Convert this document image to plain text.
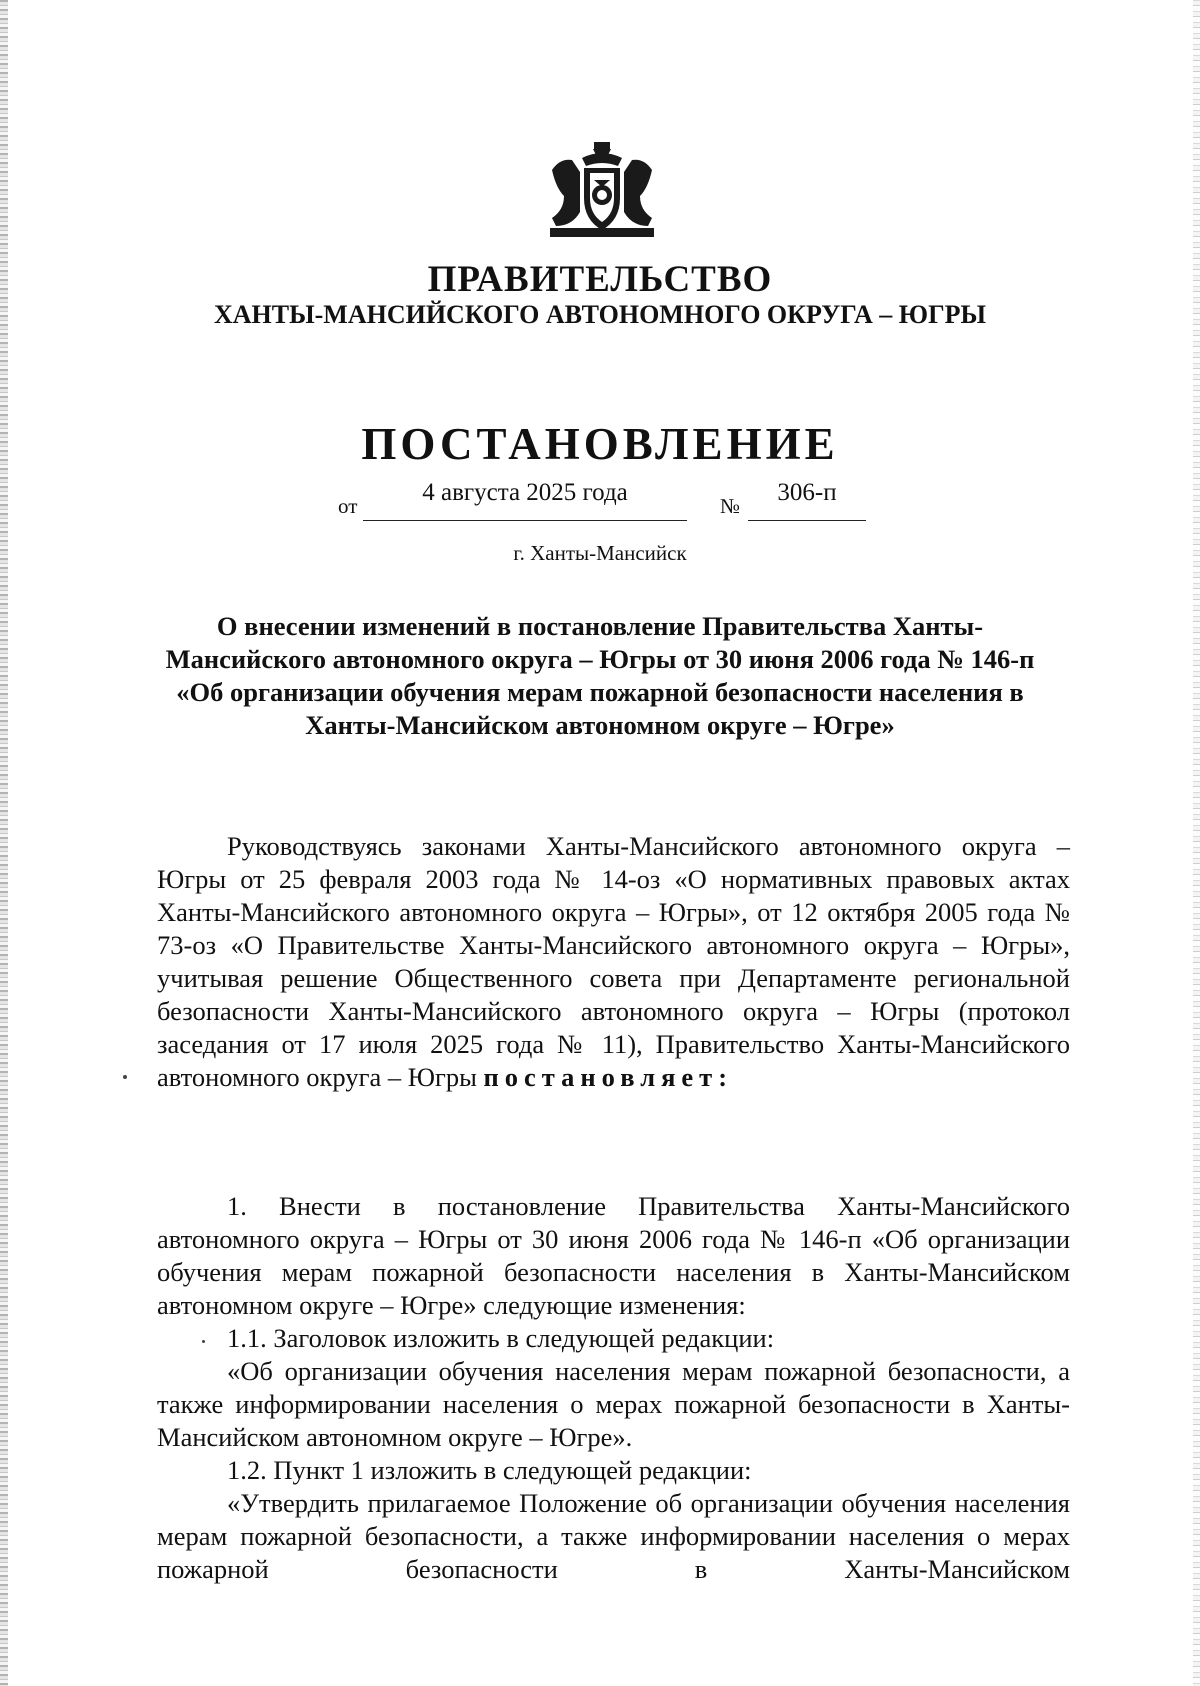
ПРАВИТЕЛЬСТВО
ХАНТЫ-МАНСИЙСКОГО АВТОНОМНОГО ОКРУГА – ЮГРЫ
ПОСТАНОВЛЕНИЕ
от	4 августа 2025 года	№	306-п
г. Ханты-Мансийск
О внесении изменений в постановление Правительства Ханты-Мансийского автономного округа – Югры от 30 июня 2006 года № 146-п «Об организации обучения мерам пожарной безопасности населения в Ханты-Мансийском автономном округе – Югре»

Руководствуясь законами Ханты-Мансийского автономного округа – Югры от 25 февраля 2003 года № 14-оз «О нормативных правовых актах Ханты-Мансийского автономного округа – Югры», от 12 октября 2005 года № 73-оз «О Правительстве Ханты-Мансийского автономного округа – Югры», учитывая решение Общественного совета при Департаменте региональной безопасности Ханты-Мансийского автономного округа – Югры (протокол заседания от 17 июля 2025 года № 11), Правительство Ханты-Мансийского автономного округа – Югры постановляет:

1. Внести в постановление Правительства Ханты-Мансийского автономного округа – Югры от 30 июня 2006 года № 146-п «Об организации обучения мерам пожарной безопасности населения в Ханты-Мансийском автономном округе – Югре» следующие изменения:

1.1. Заголовок изложить в следующей редакции:

«Об организации обучения населения мерам пожарной безопасности, а также информировании населения о мерах пожарной безопасности в Ханты-Мансийском автономном округе – Югре».

1.2. Пункт 1 изложить в следующей редакции:

«Утвердить прилагаемое Положение об организации обучения населения мерам пожарной безопасности, а также информировании населения о мерах пожарной безопасности в Ханты-Мансийском
